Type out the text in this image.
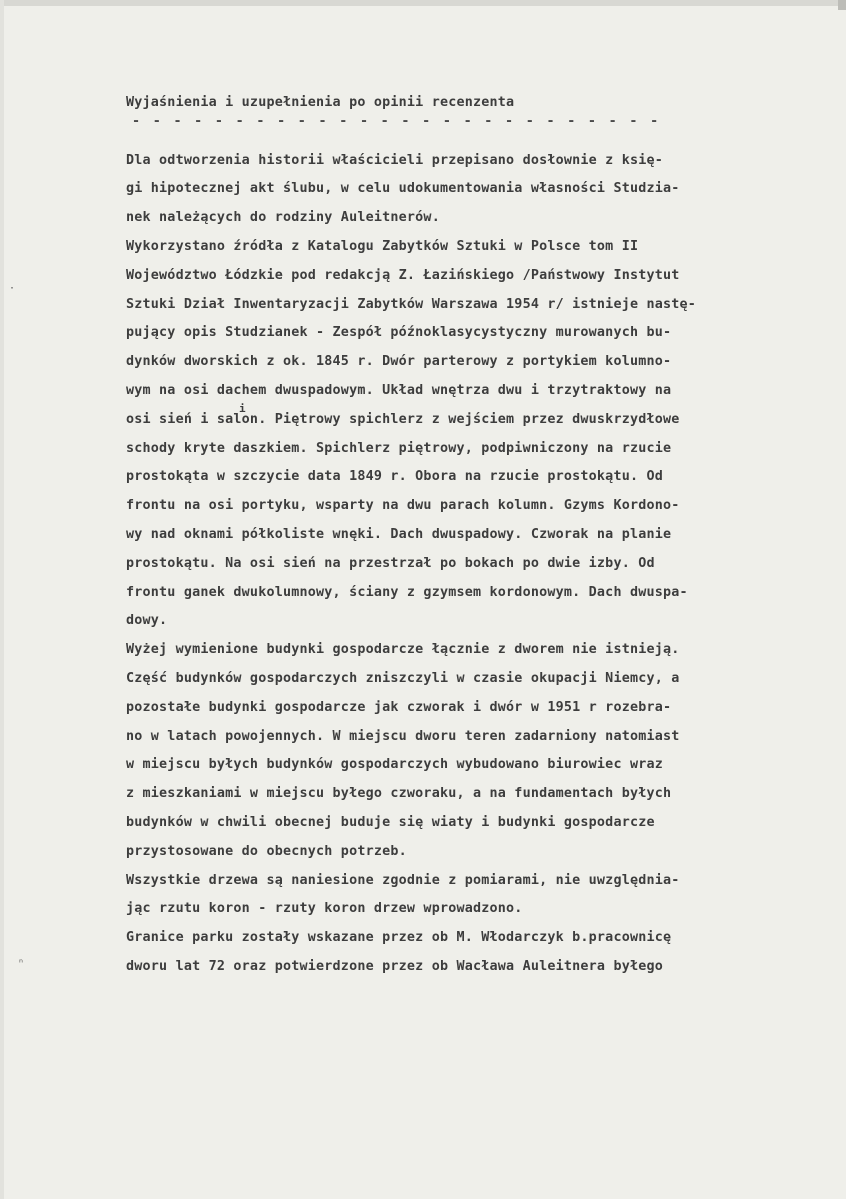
·
ⁿ
Wyjaśnienia i uzupełnienia po opinii recenzenta
Dla odtworzenia historii właścicieli przepisano dosłownie z księ-
gi hipotecznej akt ślubu, w celu udokumentowania własności Studzia-
nek należących do rodziny Auleitnerów.
Wykorzystano źródła z Katalogu Zabytków Sztuki w Polsce tom II
Województwo Łódzkie pod redakcją Z. Łazińskiego /Państwowy Instytut
Sztuki Dział Inwentaryzacji Zabytków Warszawa 1954 r/ istnieje nastę-
pujący opis Studzianek - Zespół późnoklasycystyczny murowanych bu-
dynków dworskich z ok. 1845 r. Dwór parterowy z portykiem kolumno-
wym na osi dachem dwuspadowym. Układ wnętrza dwu i trzytraktowy na
osi sień i salon. Piętrowy spichlerz z wejściem przez dwuskrzydłowe
schody kryte daszkiem. Spichlerz piętrowy, podpiwniczony na rzucie
prostokąta w szczycie data 1849 r. Obora na rzucie prostokątu. Od
frontu na osi portyku, wsparty na dwu parach kolumn. Gzyms Kordono-
wy nad oknami półkoliste wnęki. Dach dwuspadowy. Czworak na planie
prostokątu. Na osi sień na przestrzał po bokach po dwie izby. Od
frontu ganek dwukolumnowy, ściany z gzymsem kordonowym. Dach dwuspa-
dowy.
Wyżej wymienione budynki gospodarcze łącznie z dworem nie istnieją.
Część budynków gospodarczych zniszczyli w czasie okupacji Niemcy, a
pozostałe budynki gospodarcze jak czworak i dwór w 1951 r rozebra-
no w latach powojennych. W miejscu dworu teren zadarniony natomiast
w miejscu byłych budynków gospodarczych wybudowano biurowiec wraz
z mieszkaniami w miejscu byłego czworaku, a na fundamentach byłych
budynków w chwili obecnej buduje się wiaty i budynki gospodarcze
przystosowane do obecnych potrzeb.
Wszystkie drzewa są naniesione zgodnie z pomiarami, nie uwzględnia-
jąc rzutu koron - rzuty koron drzew wprowadzono.
Granice parku zostały wskazane przez ob M. Włodarczyk b.pracownicę
dworu lat 72 oraz potwierdzone przez ob Wacława Auleitnera byłego
- - - - - - - - - - - - - - - - - - - - - - - - - -
i
